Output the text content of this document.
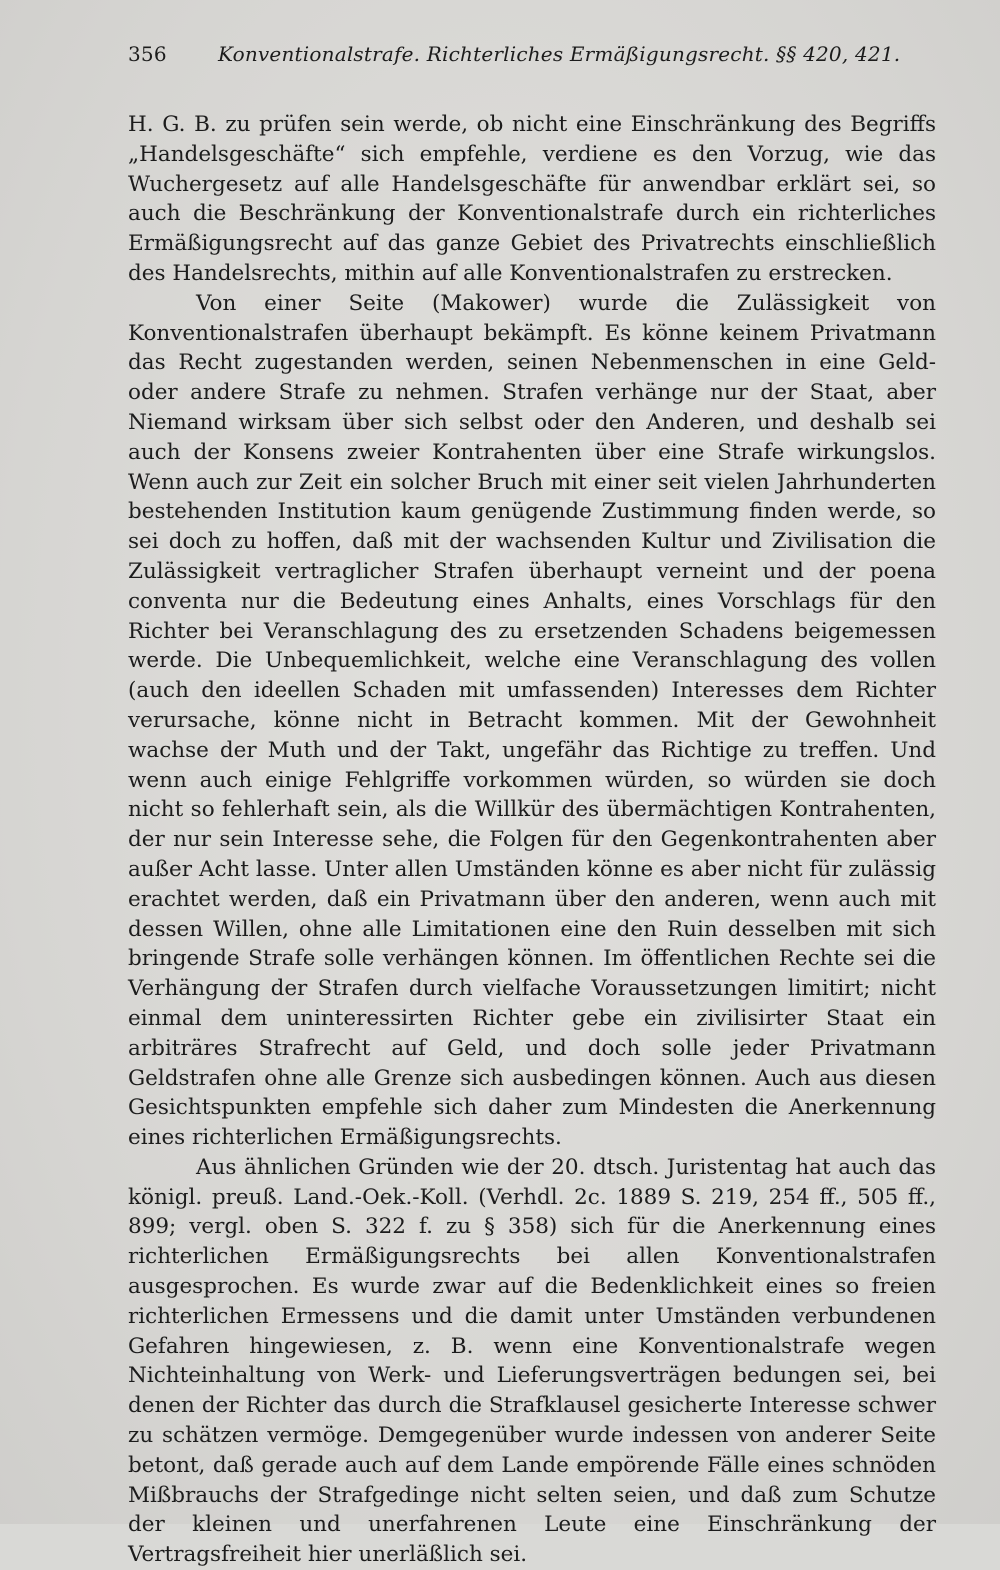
356	Konventionalstrafe. Richterliches Ermäßigungsrecht. §§ 420, 421.

H. G. B. zu prüfen sein werde, ob nicht eine Einschränkung des Begriffs „Handelsgeschäfte“ sich empfehle, verdiene es den Vorzug, wie das Wuchergesetz auf alle Handelsgeschäfte für anwendbar erklärt sei, so auch die Beschränkung der Konventionalstrafe durch ein richterliches Ermäßigungsrecht auf das ganze Gebiet des Privatrechts einschließlich des Handelsrechts, mithin auf alle Konventionalstrafen zu erstrecken.

Von einer Seite (Makower) wurde die Zulässigkeit von Konventionalstrafen überhaupt bekämpft. Es könne keinem Privatmann das Recht zugestanden werden, seinen Nebenmenschen in eine Geld- oder andere Strafe zu nehmen. Strafen verhänge nur der Staat, aber Niemand wirksam über sich selbst oder den Anderen, und deshalb sei auch der Konsens zweier Kontrahenten über eine Strafe wirkungslos. Wenn auch zur Zeit ein solcher Bruch mit einer seit vielen Jahrhunderten bestehenden Institution kaum genügende Zustimmung finden werde, so sei doch zu hoffen, daß mit der wachsenden Kultur und Zivilisation die Zulässigkeit vertraglicher Strafen überhaupt verneint und der poena conventa nur die Bedeutung eines Anhalts, eines Vorschlags für den Richter bei Veranschlagung des zu ersetzenden Schadens beigemessen werde. Die Unbequemlichkeit, welche eine Veranschlagung des vollen (auch den ideellen Schaden mit umfassenden) Interesses dem Richter verursache, könne nicht in Betracht kommen. Mit der Gewohnheit wachse der Muth und der Takt, ungefähr das Richtige zu treffen. Und wenn auch einige Fehlgriffe vorkommen würden, so würden sie doch nicht so fehlerhaft sein, als die Willkür des übermächtigen Kontrahenten, der nur sein Interesse sehe, die Folgen für den Gegenkontrahenten aber außer Acht lasse. Unter allen Umständen könne es aber nicht für zulässig erachtet werden, daß ein Privatmann über den anderen, wenn auch mit dessen Willen, ohne alle Limitationen eine den Ruin desselben mit sich bringende Strafe solle verhängen können. Im öffentlichen Rechte sei die Verhängung der Strafen durch vielfache Voraussetzungen limitirt; nicht einmal dem uninteressirten Richter gebe ein zivilisirter Staat ein arbiträres Strafrecht auf Geld, und doch solle jeder Privatmann Geldstrafen ohne alle Grenze sich ausbedingen können. Auch aus diesen Gesichtspunkten empfehle sich daher zum Mindesten die Anerkennung eines richterlichen Ermäßigungsrechts.

Aus ähnlichen Gründen wie der 20. dtsch. Juristentag hat auch das königl. preuß. Land.-Oek.-Koll. (Verhdl. 2c. 1889 S. 219, 254 ff., 505 ff., 899; vergl. oben S. 322 f. zu § 358) sich für die Anerkennung eines richterlichen Ermäßigungsrechts bei allen Konventionalstrafen ausgesprochen. Es wurde zwar auf die Bedenklichkeit eines so freien richterlichen Ermessens und die damit unter Umständen verbundenen Gefahren hingewiesen, z. B. wenn eine Konventionalstrafe wegen Nichteinhaltung von Werk- und Lieferungsverträgen bedungen sei, bei denen der Richter das durch die Strafklausel gesicherte Interesse schwer zu schätzen vermöge. Demgegenüber wurde indessen von anderer Seite betont, daß gerade auch auf dem Lande empörende Fälle eines schnöden Mißbrauchs der Strafgedinge nicht selten seien, und daß zum Schutze der kleinen und unerfahrenen Leute eine Einschränkung der Vertragsfreiheit hier unerläßlich sei.
